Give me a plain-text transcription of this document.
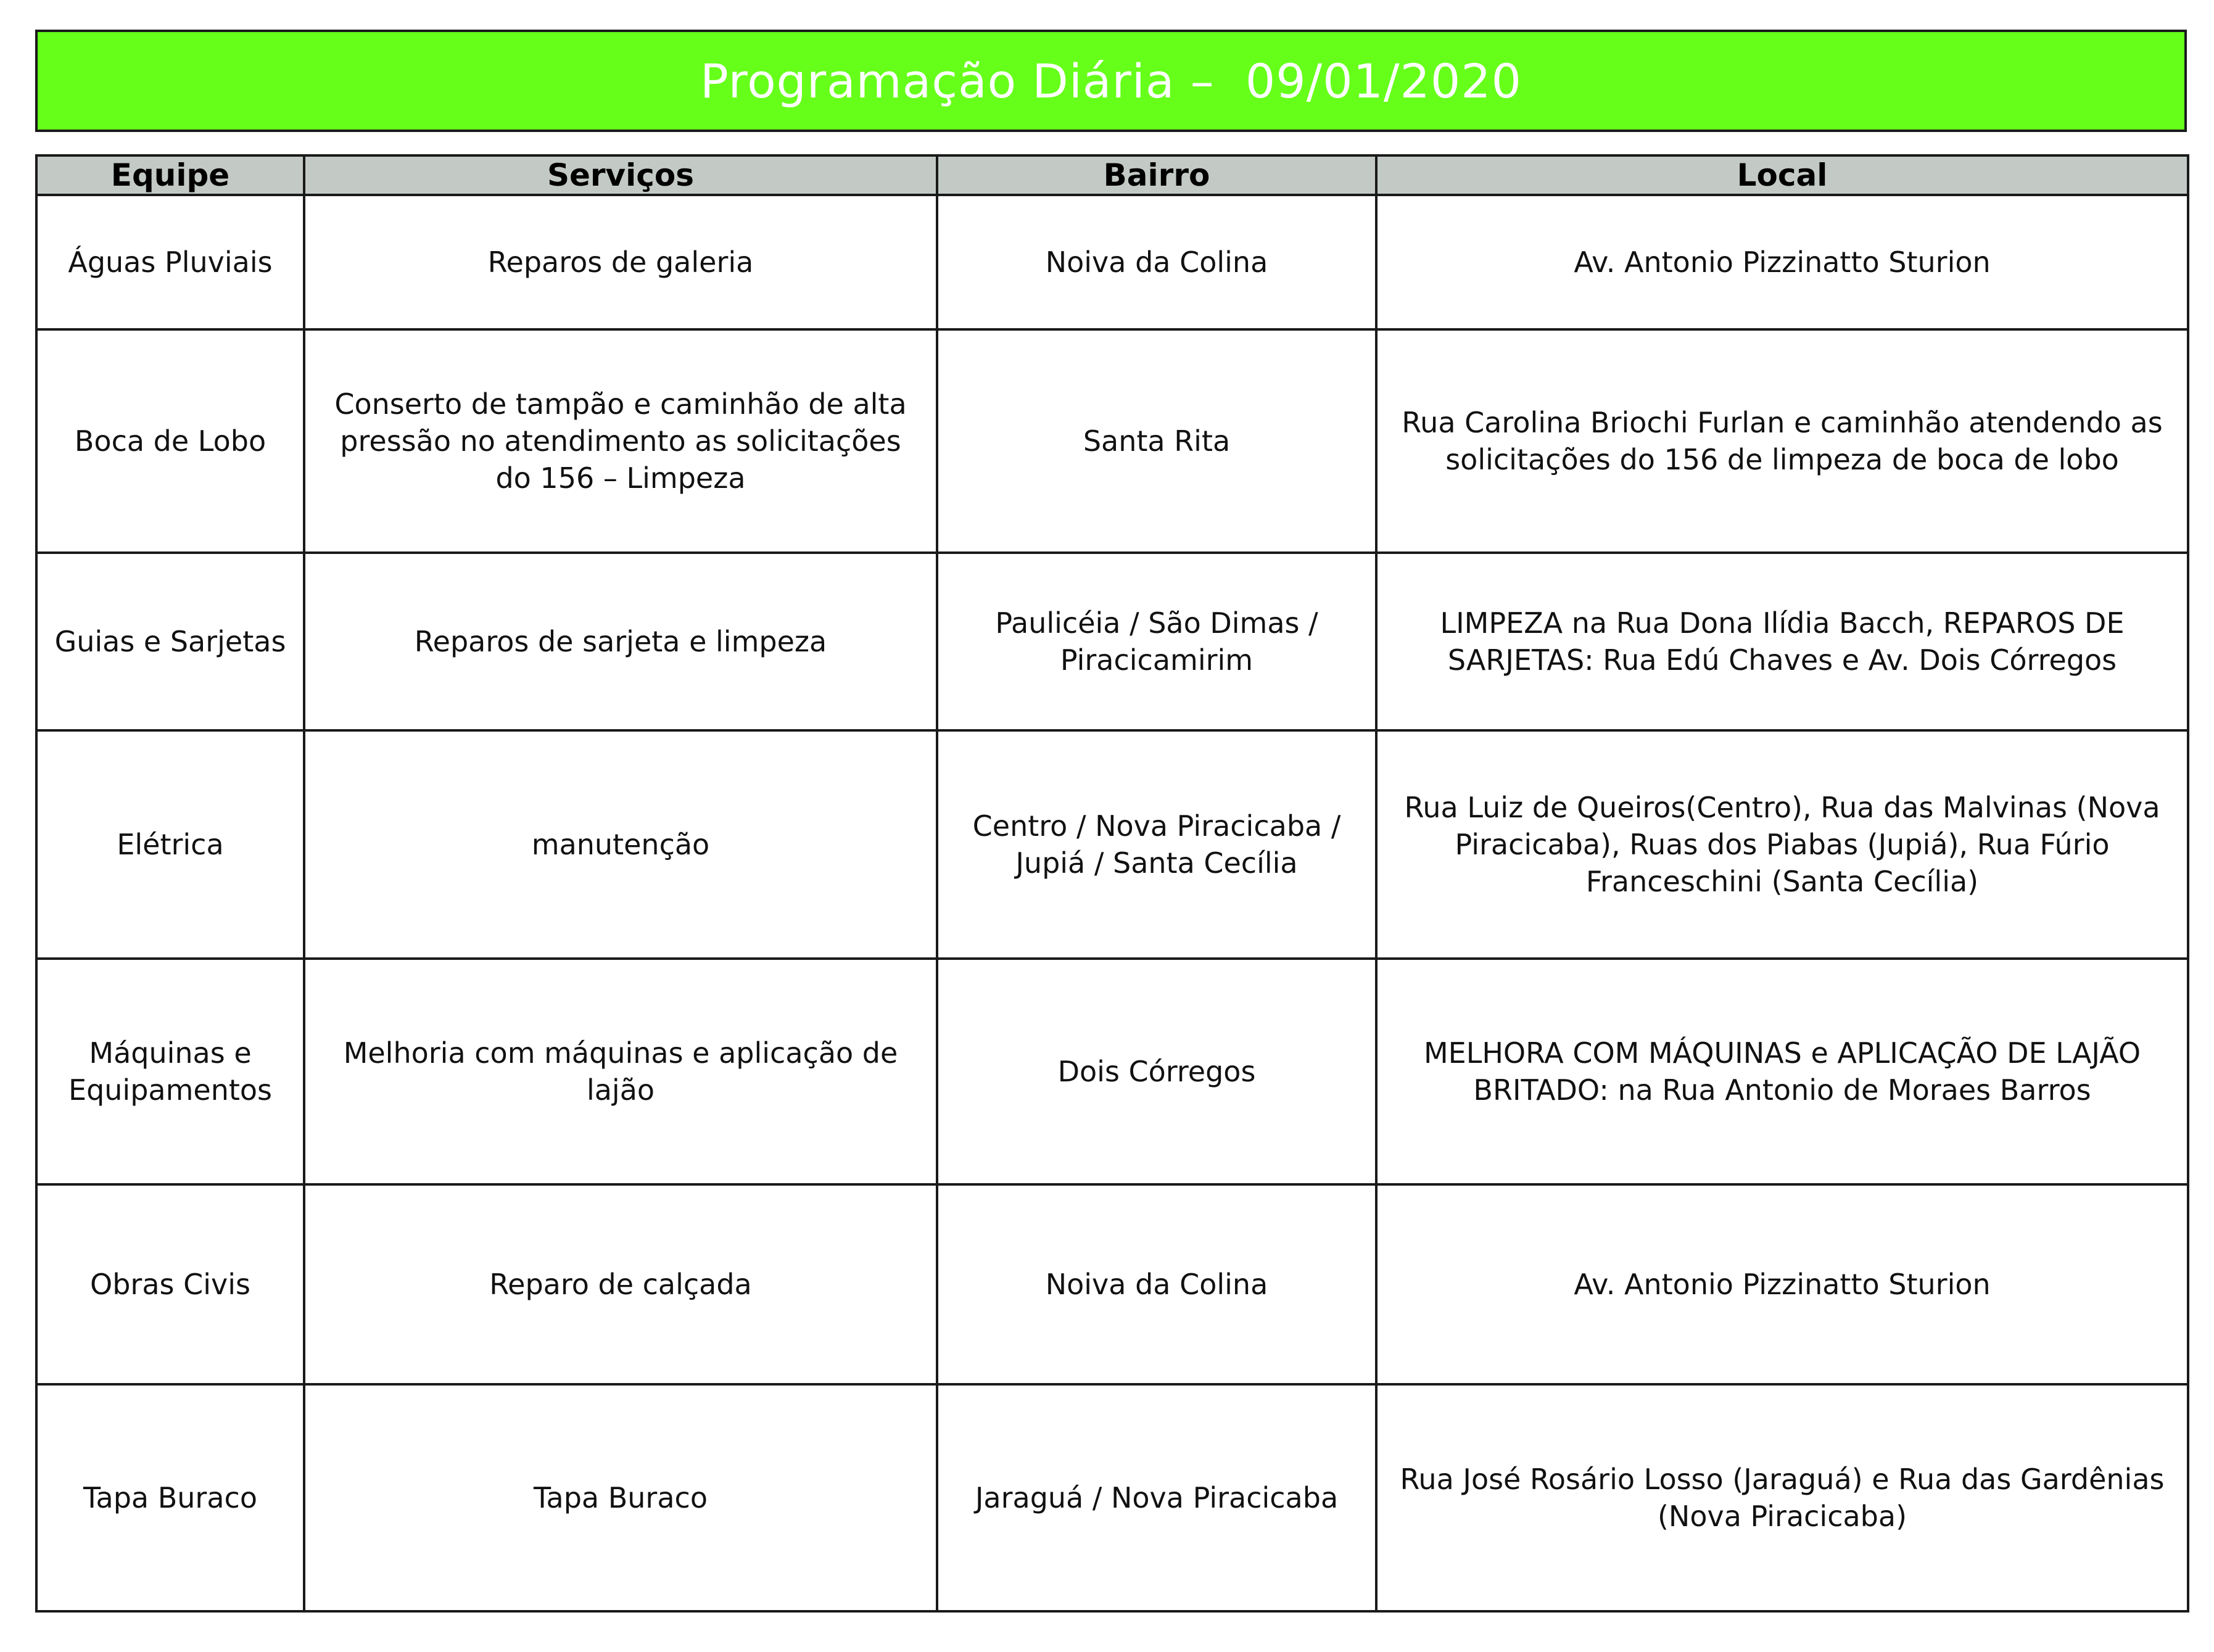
Programação Diária –  09/01/2020
Equipe	Serviços	Bairro	Local
Águas Pluviais	Reparos de galeria	Noiva da Colina	Av. Antonio Pizzinatto Sturion
Boca de Lobo	Conserto de tampão e caminhão de alta pressão no atendimento as solicitações do 156 – Limpeza	Santa Rita	Rua Carolina Briochi Furlan e caminhão atendendo as solicitações do 156 de limpeza de boca de lobo
Guias e Sarjetas	Reparos de sarjeta e limpeza	Paulicéia / São Dimas / Piracicamirim	LIMPEZA na Rua Dona Ilídia Bacch, REPAROS DE SARJETAS: Rua Edú Chaves e Av. Dois Córregos
Elétrica	manutenção	Centro / Nova Piracicaba / Jupiá / Santa Cecília	Rua Luiz de Queiros(Centro), Rua das Malvinas (Nova Piracicaba), Ruas dos Piabas (Jupiá), Rua Fúrio Franceschini (Santa Cecília)
Máquinas e Equipamentos	Melhoria com máquinas e aplicação de lajão	Dois Córregos	MELHORA COM MÁQUINAS e APLICAÇÃO DE LAJÃO BRITADO: na Rua Antonio de Moraes Barros
Obras Civis	Reparo de calçada	Noiva da Colina	Av. Antonio Pizzinatto Sturion
Tapa Buraco	Tapa Buraco	Jaraguá / Nova Piracicaba	Rua José Rosário Losso (Jaraguá) e Rua das Gardênias (Nova Piracicaba)
